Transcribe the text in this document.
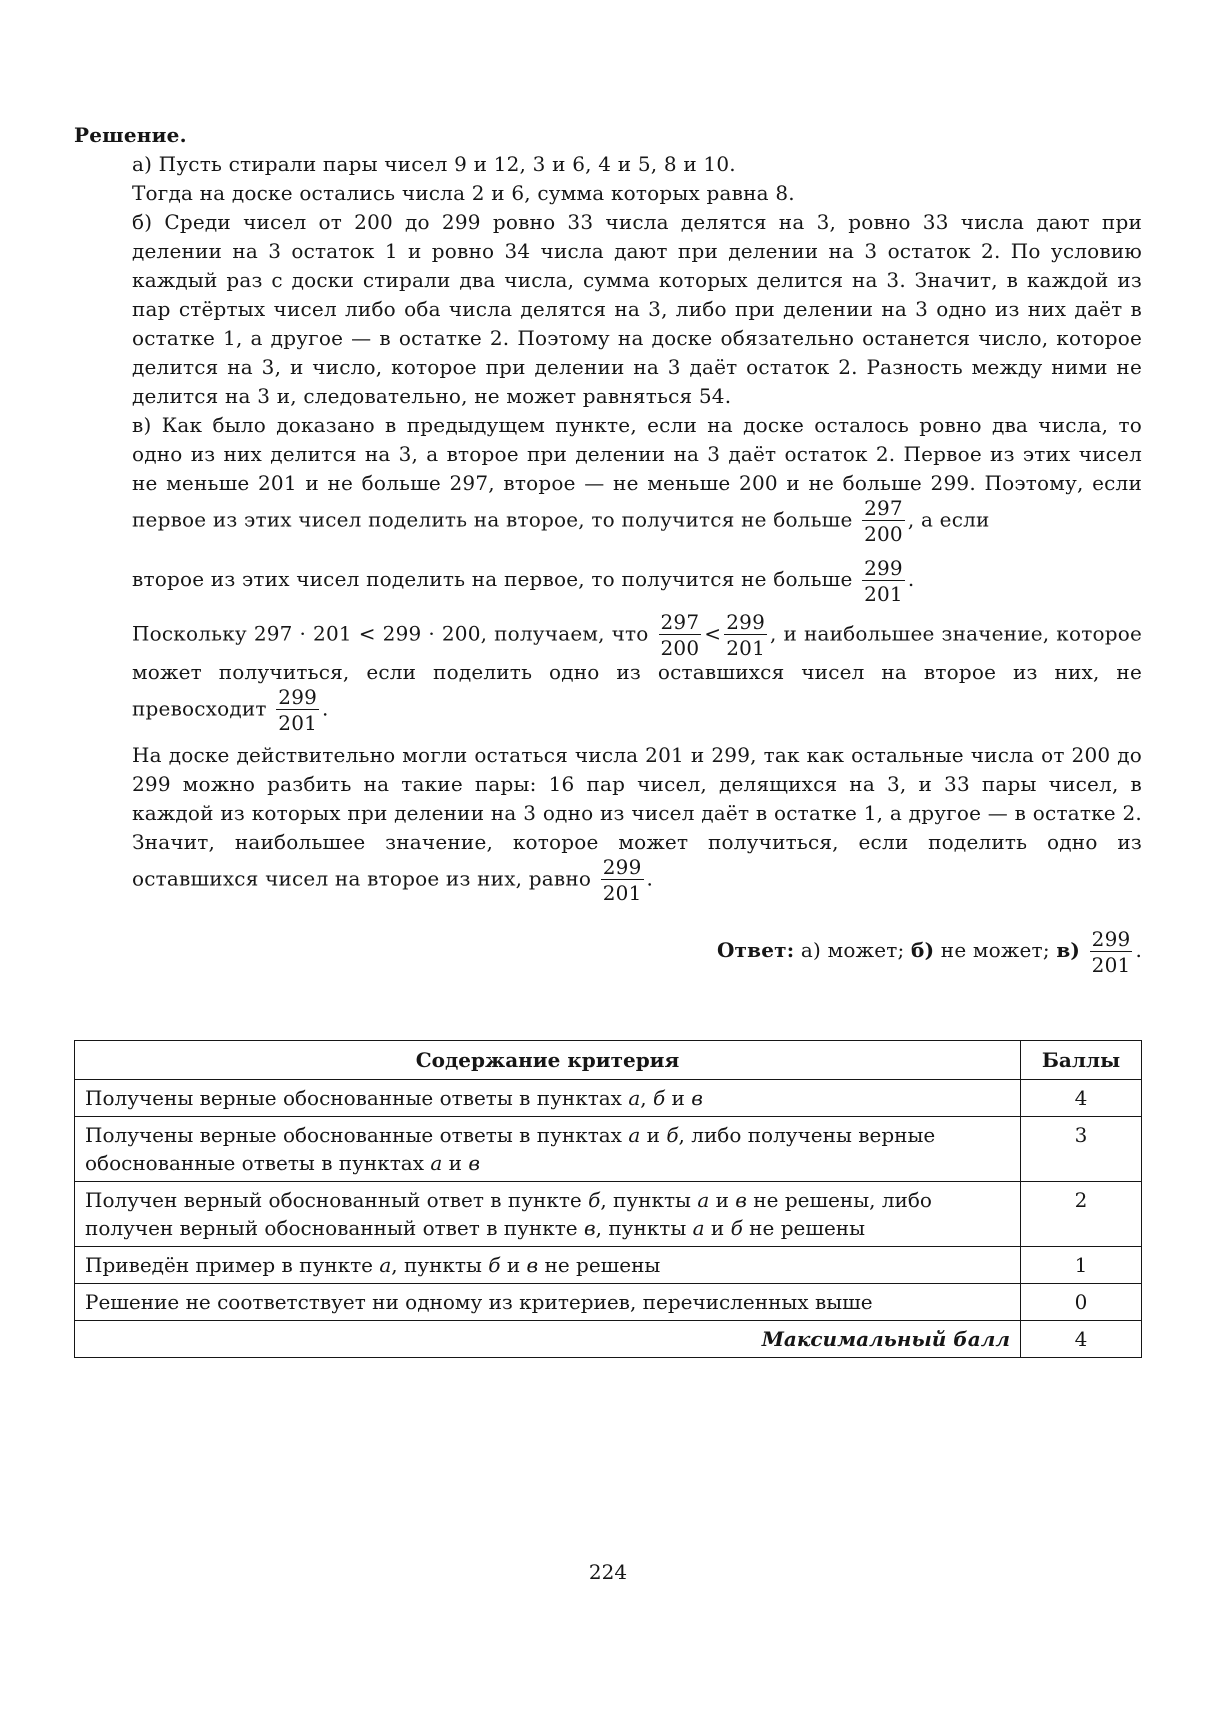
Решение.

а) Пусть стирали пары чисел 9 и 12, 3 и 6, 4 и 5, 8 и 10.

Тогда на доске остались числа 2 и 6, сумма которых равна 8.

б) Среди чисел от 200 до 299 ровно 33 числа делятся на 3, ровно 33 числа дают при делении на 3 остаток 1 и ровно 34 числа дают при делении на 3 остаток 2. По условию каждый раз с доски стирали два числа, сумма которых делится на 3. Значит, в каждой из пар стёртых чисел либо оба числа делятся на 3, либо при делении на 3 одно из них даёт в остатке 1, а другое — в остатке 2. Поэтому на доске обязательно останется число, которое делится на 3, и число, которое при делении на 3 даёт остаток 2. Разность между ними не делится на 3 и, следовательно, не может равняться 54.

в) Как было доказано в предыдущем пункте, если на доске осталось ровно два числа, то одно из них делится на 3, а второе при делении на 3 даёт остаток 2. Первое из этих чисел не меньше 201 и не больше 297, второе — не меньше 200 и не больше 299. Поэтому, если первое из этих чисел поделить на второе, то получится не больше $\frac{297}{200}$ , а если

второе из этих чисел поделить на первое, то получится не больше $\frac{299}{201}$ .

Поскольку 297 · 201 < 299 · 200, получаем, что $\frac{297}{200} < \frac{299}{201}$ , и наибольшее значение, которое может получиться, если поделить одно из оставшихся чисел на второе из них, не превосходит $\frac{299}{201}$ .

На доске действительно могли остаться числа 201 и 299, так как остальные числа от 200 до 299 можно разбить на такие пары: 16 пар чисел, делящихся на 3, и 33 пары чисел, в каждой из которых при делении на 3 одно из чисел даёт в остатке 1, а другое — в остатке 2. Значит, наибольшее значение, которое может получиться, если поделить одно из оставшихся чисел на второе из них, равно $\frac{299}{201}$ .

Ответ: а) может; б) не может; $в) \frac{299}{201}$ .
Содержание критерия	Баллы
Получены верные обоснованные ответы в пунктах а, б и в	4
Получены верные обоснованные ответы в пунктах а и б, либо получены верные обоснованные ответы в пунктах а и в	3
Получен верный обоснованный ответ в пункте б, пункты а и в не решены, либо получен верный обоснованный ответ в пункте в, пункты а и б не решены	2
Приведён пример в пункте а, пункты б и в не решены	1
Решение не соответствует ни одному из критериев, перечисленных выше	0
Максимальный балл	4
224
